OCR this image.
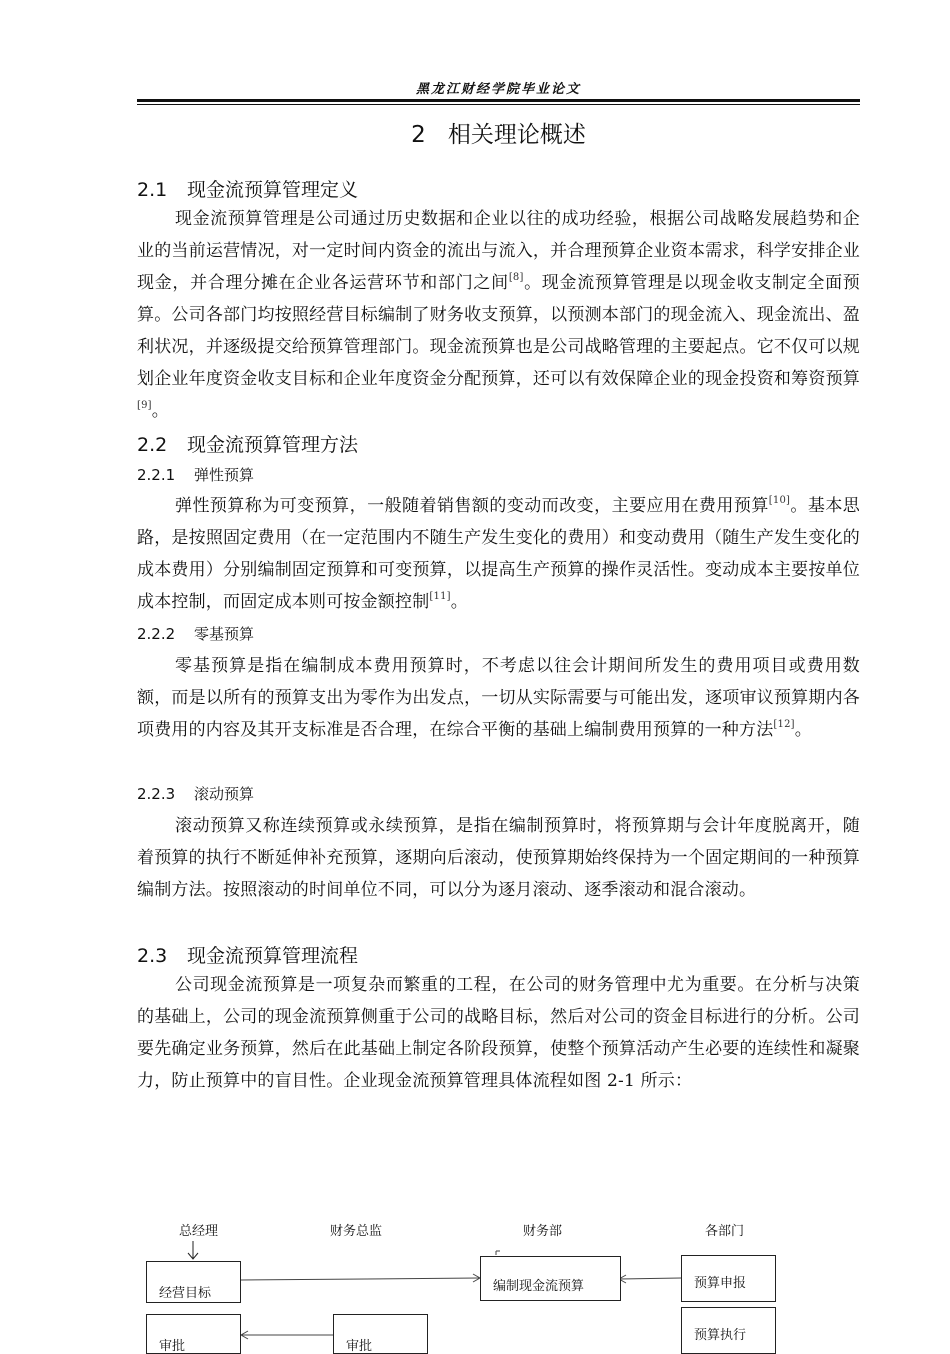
黑龙江财经学院毕业论文
2 相关理论概述
2.1 现金流预算管理定义
现金流预算管理是公司通过历史数据和企业以往的成功经验，根据公司战略发展趋势和企业的当前运营情况，对一定时间内资金的流出与流入，并合理预算企业资本需求，科学安排企业现金，并合理分摊在企业各运营环节和部门之间[8]。现金流预算管理是以现金收支制定全面预算。公司各部门均按照经营目标编制了财务收支预算，以预测本部门的现金流入、现金流出、盈利状况，并逐级提交给预算管理部门。现金流预算也是公司战略管理的主要起点。它不仅可以规划企业年度资金收支目标和企业年度资金分配预算，还可以有效保障企业的现金投资和筹资预算[9]。
2.2 现金流预算管理方法
2.2.1 弹性预算
弹性预算称为可变预算，一般随着销售额的变动而改变，主要应用在费用预算[10]。基本思路，是按照固定费用（在一定范围内不随生产发生变化的费用）和变动费用（随生产发生变化的成本费用）分别编制固定预算和可变预算，以提高生产预算的操作灵活性。变动成本主要按单位成本控制，而固定成本则可按金额控制[11]。
2.2.2 零基预算
零基预算是指在编制成本费用预算时，不考虑以往会计期间所发生的费用项目或费用数额，而是以所有的预算支出为零作为出发点，一切从实际需要与可能出发，逐项审议预算期内各项费用的内容及其开支标准是否合理，在综合平衡的基础上编制费用预算的一种方法[12]。
2.2.3 滚动预算
滚动预算又称连续预算或永续预算，是指在编制预算时，将预算期与会计年度脱离开，随着预算的执行不断延伸补充预算，逐期向后滚动，使预算期始终保持为一个固定期间的一种预算编制方法。按照滚动的时间单位不同，可以分为逐月滚动、逐季滚动和混合滚动。
2.3 现金流预算管理流程
公司现金流预算是一项复杂而繁重的工程，在公司的财务管理中尤为重要。在分析与决策的基础上，公司的现金流预算侧重于公司的战略目标，然后对公司的资金目标进行的分析。公司要先确定业务预算，然后在此基础上制定各阶段预算，使整个预算活动产生必要的连续性和凝聚力，防止预算中的盲目性。企业现金流预算管理具体流程如图 2-1 所示：
总经理	财务总监	财务部	各部门
经营目标	编制现金流预算	预算申报
审批	审批
预算执行
